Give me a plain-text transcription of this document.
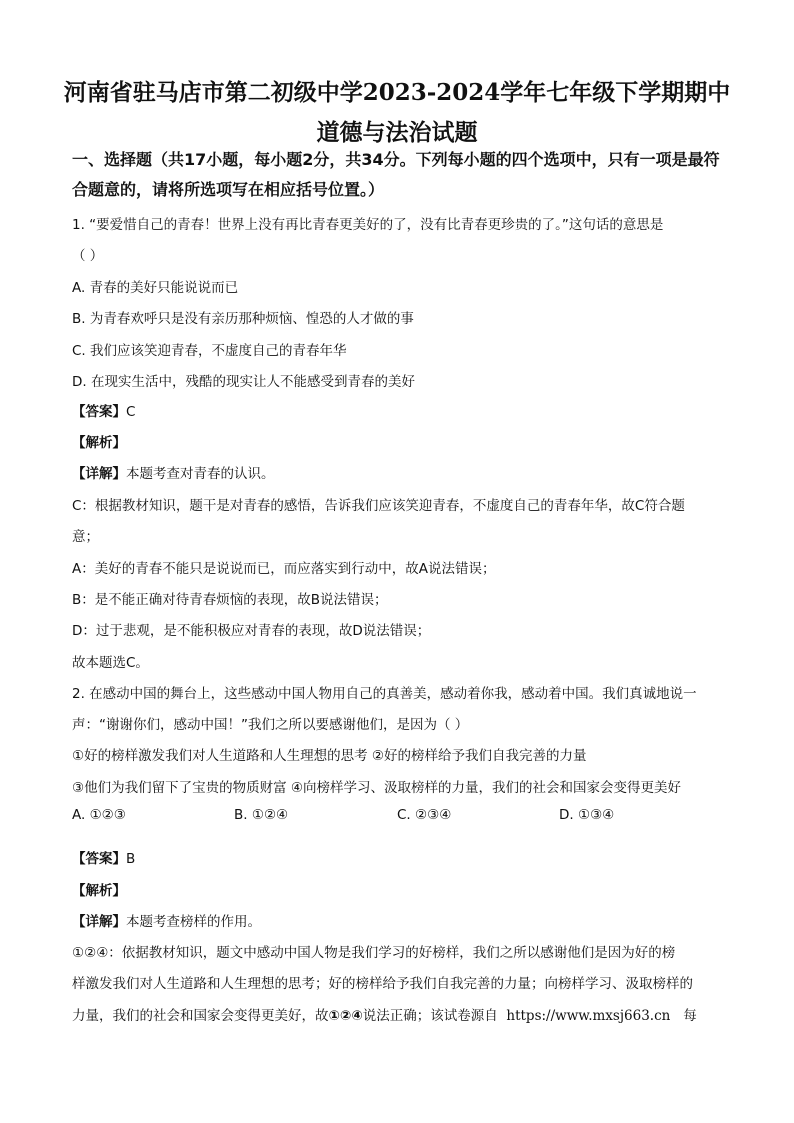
河南省驻马店市第二初级中学2023-2024学年七年级下学期期中
道德与法治试题
一、选择题（共17小题，每小题2分，共34分。下列每小题的四个选项中，只有一项是最符合题意的，请将所选项写在相应括号位置。）
1. “要爱惜自己的青春！世界上没有再比青春更美好的了，没有比青春更珍贵的了。”这句话的意思是
（ ）
A. 青春的美好只能说说而已
B. 为青春欢呼只是没有亲历那种烦恼、惶恐的人才做的事
C. 我们应该笑迎青春，不虚度自己的青春年华
D. 在现实生活中，残酷的现实让人不能感受到青春的美好
【答案】C
【解析】
【详解】本题考查对青春的认识。
C：根据教材知识，题干是对青春的感悟，告诉我们应该笑迎青春，不虚度自己的青春年华，故C符合题
意；
A：美好的青春不能只是说说而已，而应落实到行动中，故A说法错误；
B：是不能正确对待青春烦恼的表现，故B说法错误；
D：过于悲观，是不能积极应对青春的表现，故D说法错误；
故本题选C。
2. 在感动中国的舞台上，这些感动中国人物用自己的真善美，感动着你我，感动着中国。我们真诚地说一
声：“谢谢你们，感动中国！”我们之所以要感谢他们，是因为（ ）
①好的榜样激发我们对人生道路和人生理想的思考 ②好的榜样给予我们自我完善的力量
③他们为我们留下了宝贵的物质财富 ④向榜样学习、汲取榜样的力量，我们的社会和国家会变得更美好
A. ①②③	B. ①②④	C. ②③④	D. ①③④
【答案】B
【解析】
【详解】本题考查榜样的作用。
①②④：依据教材知识，题文中感动中国人物是我们学习的好榜样，我们之所以感谢他们是因为好的榜
样激发我们对人生道路和人生理想的思考；好的榜样给予我们自我完善的力量；向榜样学习、汲取榜样的
力量，我们的社会和国家会变得更美好，故①②④说法正确；该试卷源自 https://www.mxsj663.cn 每
